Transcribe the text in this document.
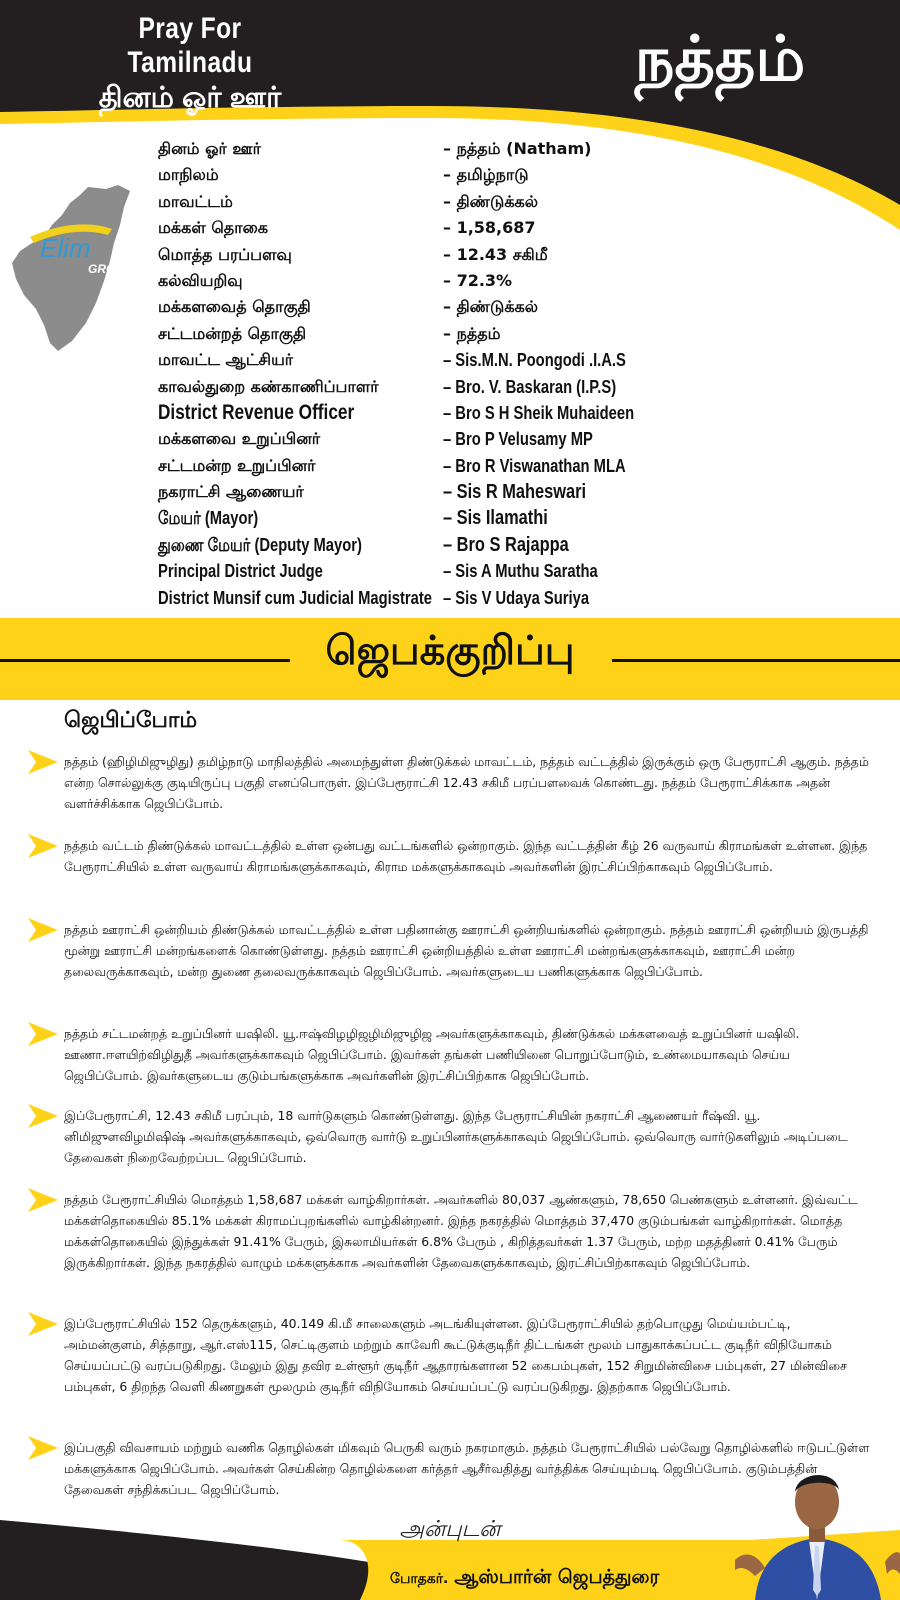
Pray For Tamilnadu
தினம் ஓர் ஊர்
நத்தம்
Elim
GRC
தினம் ஓர் ஊர்	– நத்தம் (Natham)
மாநிலம்	– தமிழ்நாடு
மாவட்டம்	– திண்டுக்கல்
மக்கள் தொகை	– 1,58,687
மொத்த பரப்பளவு	– 12.43 சகிமீ
கல்வியறிவு	– 72.3%
மக்களவைத் தொகுதி	– திண்டுக்கல்
சட்டமன்றத் தொகுதி	– நத்தம்
மாவட்ட ஆட்சியர்	– Sis.M.N. Poongodi .I.A.S
காவல்துறை கண்காணிப்பாளர்	– Bro. V. Baskaran (I.P.S)
District Revenue Officer	– Bro S H Sheik Muhaideen
மக்களவை உறுப்பினர்	– Bro P Velusamy MP
சட்டமன்ற உறுப்பினர்	– Bro R Viswanathan MLA
நகராட்சி ஆணையர்	– Sis R Maheswari
மேயர் (Mayor)	– Sis Ilamathi
துணை மேயர் (Deputy Mayor)	– Bro S Rajappa
Principal District Judge	– Sis A Muthu Saratha
District Munsif cum Judicial Magistrate – Sis V Udaya Suriya
ஜெபக்குறிப்பு
ஜெபிப்போம்
நத்தம் (ஹிழிமிஜுழிது) தமிழ்நாடு மாநிலத்தில் அமைந்துள்ள திண்டுக்கல் மாவட்டம், நத்தம் வட்டத்தில் இருக்கும் ஒரு பேரூராட்சி ஆகும். நத்தம் என்ற சொல்லுக்கு குடியிருப்பு பகுதி எனப்பொருள். இப்பேரூராட்சி 12.43 சகிமீ பரப்பளவைக் கொண்டது. நத்தம் பேரூராட்சிக்காக அதன் வளர்ச்சிக்காக ஜெபிப்போம்.
நத்தம் வட்டம் திண்டுக்கல் மாவட்டத்தில் உள்ள ஒன்பது வட்டங்களில் ஒன்றாகும். இந்த வட்டத்தின் கீழ் 26 வருவாய் கிராமங்கள் உள்ளன. இந்த பேரூராட்சியில் உள்ள வருவாய் கிராமங்களுக்காகவும், கிராம மக்களுக்காகவும் அவர்களின் இரட்சிப்பிற்காகவும் ஜெபிப்போம்.
நத்தம் ஊராட்சி ஒன்றியம் திண்டுக்கல் மாவட்டத்தில் உள்ள பதினான்கு ஊராட்சி ஒன்றியங்களில் ஒன்றாகும். நத்தம் ஊராட்சி ஒன்றியம் இருபத்தி மூன்று ஊராட்சி மன்றங்களைக் கொண்டுள்ளது. நத்தம் ஊராட்சி ஒன்றியத்தில் உள்ள ஊராட்சி மன்றங்களுக்காகவும், ஊராட்சி மன்ற தலைவருக்காகவும், மன்ற துணை தலைவருக்காகவும் ஜெபிப்போம். அவர்களுடைய பணிகளுக்காக ஜெபிப்போம்.
நத்தம் சட்டமன்றத் உறுப்பினர் யஷிலி. யூ.ஈஷ்விழழிஜழிமிஜுழிஜ அவர்களுக்காகவும், திண்டுக்கல் மக்களவைத் உறுப்பினர் யஷிலி. ஊணா.ஈளயிற்விழிதுதீ அவர்களுக்காகவும் ஜெபிப்போம். இவர்கள் தங்கள் பணியினை பொறுப்போடும், உண்மையாகவும் செய்ய ஜெபிப்போம். இவர்களுடைய குடும்பங்களுக்காக அவர்களின் இரட்சிப்பிற்காக ஜெபிப்போம்.
இப்பேரூராட்சி, 12.43 சகிமீ பரப்பும், 18 வார்டுகளும் கொண்டுள்ளது. இந்த பேரூராட்சியின் நகராட்சி ஆணையர் ரீஷ்வி. யூ. னிமிஜுளவிழமிஷிஷ் அவர்களுக்காகவும், ஒவ்வொரு வார்டு உறுப்பினர்களுக்காகவும் ஜெபிப்போம். ஒவ்வொரு வார்டுகளிலும் அடிப்படை தேவைகள் நிறைவேற்றப்பட ஜெபிப்போம்.
நத்தம் பேரூராட்சியில் மொத்தம் 1,58,687 மக்கள் வாழ்கிறார்கள். அவர்களில் 80,037 ஆண்களும், 78,650 பெண்களும் உள்ளனர். இவ்வட்ட மக்கள்தொகையில் 85.1% மக்கள் கிராமப்புறங்களில் வாழ்கின்றனர். இந்த நகரத்தில் மொத்தம் 37,470 குடும்பங்கள் வாழ்கிறார்கள். மொத்த மக்கள்தொகையில் இந்துக்கள் 91.41% பேரும், இசுலாமியர்கள் 6.8% பேரும் , கிறித்தவர்கள் 1.37 பேரும், மற்ற மதத்தினர் 0.41% பேரும் இருக்கிறார்கள். இந்த நகரத்தில் வாழும் மக்களுக்காக அவர்களின் தேவைகளுக்காகவும், இரட்சிப்பிற்காகவும் ஜெபிப்போம்.
இப்பேரூராட்சியில் 152 தெருக்களும், 40.149 கி.மீ சாலைகளும் அடங்கியுள்ளன. இப்பேரூராட்சியில் தற்பொழுது மெய்யம்பட்டி, அம்மன்குளம், சித்தாறு, ஆர்.எஸ்115, செட்டிகுளம் மற்றும் காவேரி கூட்டுக்குடிநீர் திட்டங்கள் மூலம் பாதுகாக்கப்பட்ட குடிநீர் விநியோகம் செய்யப்பட்டு வரப்படுகிறது. மேலும் இது தவிர உள்ளூர் குடிநீர் ஆதாரங்களான 52 கைபம்புகள், 152 சிறுமின்விசை பம்புகள், 27 மின்விசை பம்புகள், 6 திறந்த வெளி கிணறுகள் மூலமும் குடிநீர் விநியோகம் செய்யப்பட்டு வரப்படுகிறது. இதற்காக ஜெபிப்போம்.
இப்பகுதி விவசாயம் மற்றும் வணிக தொழில்கள் மிகவும் பெருகி வரும் நகரமாகும். நத்தம் பேரூராட்சியில் பல்வேறு தொழில்களில் ஈடுபட்டுள்ள மக்களுக்காக ஜெபிப்போம். அவர்கள் செய்கின்ற தொழில்களை கர்த்தர் ஆசீர்வதித்து வர்த்திக்க செய்யும்படி ஜெபிப்போம். குடும்பத்தின் தேவைகள் சந்திக்கப்பட ஜெபிப்போம்.
அன்புடன்
போதகர். ஆஸ்பார்ன் ஜெபத்துரை
